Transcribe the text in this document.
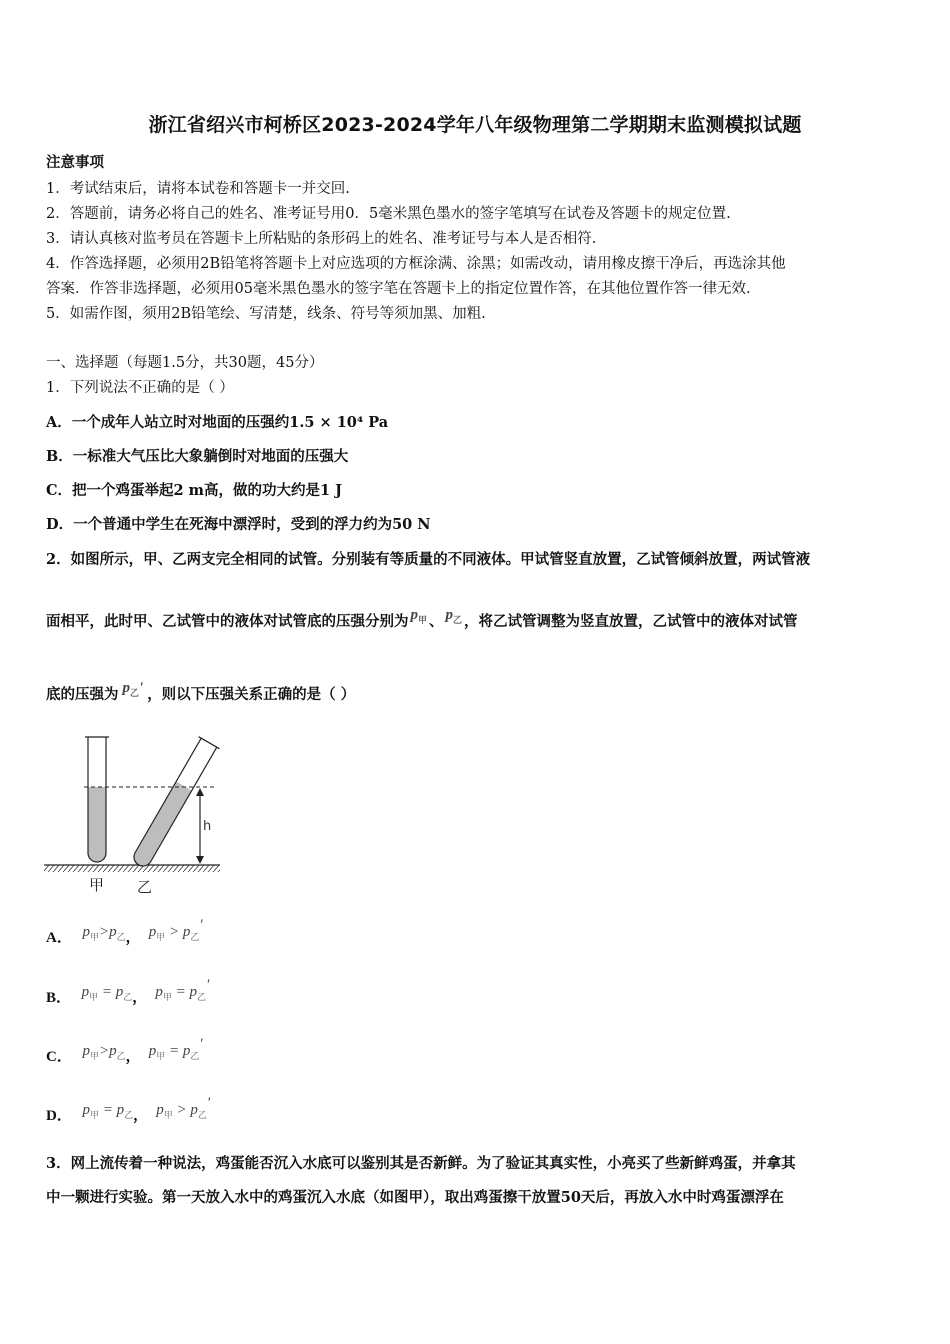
浙江省绍兴市柯桥区2023-2024学年八年级物理第二学期期末监测模拟试题
注意事项
1．考试结束后，请将本试卷和答题卡一并交回.
2．答题前，请务必将自己的姓名、准考证号用0．5毫米黑色墨水的签字笔填写在试卷及答题卡的规定位置.
3．请认真核对监考员在答题卡上所粘贴的条形码上的姓名、准考证号与本人是否相符.
4．作答选择题，必须用2B铅笔将答题卡上对应选项的方框涂满、涂黑；如需改动，请用橡皮擦干净后，再选涂其他
答案．作答非选择题，必须用05毫米黑色墨水的签字笔在答题卡上的指定位置作答，在其他位置作答一律无效.
5．如需作图，须用2B铅笔绘、写清楚，线条、符号等须加黑、加粗.
一、选择题（每题1.5分，共30题，45分）
1．下列说法不正确的是（ ）
A．一个成年人站立时对地面的压强约1.5 × 10⁴ Pa
B．一标准大气压比大象躺倒时对地面的压强大
C．把一个鸡蛋举起2 m高，做的功大约是1 J
D．一个普通中学生在死海中漂浮时，受到的浮力约为50 N
2．如图所示，甲、乙两支完全相同的试管。分别装有等质量的不同液体。甲试管竖直放置，乙试管倾斜放置，两试管液
面相平，此时甲、乙试管中的液体对试管底的压强分别为 $p_甲$ 、 $p_乙$ ，将乙试管调整为竖直放置，乙试管中的液体对试管
底的压强为 $p_乙'$ ，则以下压强关系正确的是（ ）
h
甲 乙
A． $p_甲>p_乙$， $p_甲 > p_乙'$
B． $p_甲 = p_乙$， $p_甲 = p_乙'$
C． $p_甲>p_乙$， $p_甲 = p_乙'$
D． $p_甲 = p_乙$， $p_甲 > p_乙'$
3．网上流传着一种说法，鸡蛋能否沉入水底可以鉴别其是否新鲜。为了验证其真实性，小亮买了些新鲜鸡蛋，并拿其
中一颗进行实验。第一天放入水中的鸡蛋沉入水底（如图甲），取出鸡蛋擦干放置50天后，再放入水中时鸡蛋漂浮在
